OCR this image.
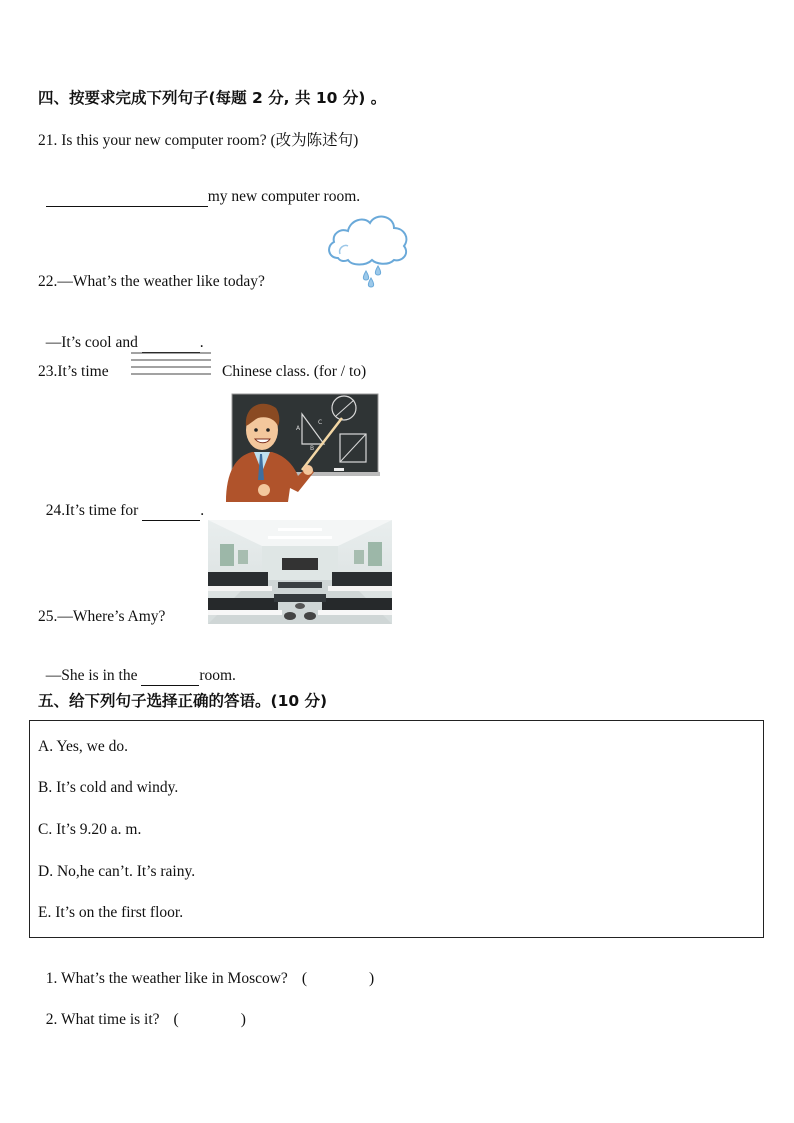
四、按要求完成下列句子(每题 2 分, 共 10 分) 。
21. Is this your new computer room? (改为陈述句)

my new computer room.

22.—What’s the weather like today?

—It’s cool and	.

23.It’s time	Chinese class. (for / to)
A
C
B

24.It’s time for	.

25.—Where’s Amy?

—She is in the	room.

五、给下列句子选择正确的答语。(10 分)
A. Yes, we do.
B. It’s cold and windy.
C. It’s 9.20 a. m.
D. No,he can’t. It’s rainy.
E. It’s on the first floor.

1. What’s the weather like in Moscow? (	)

2. What time is it? (	)
